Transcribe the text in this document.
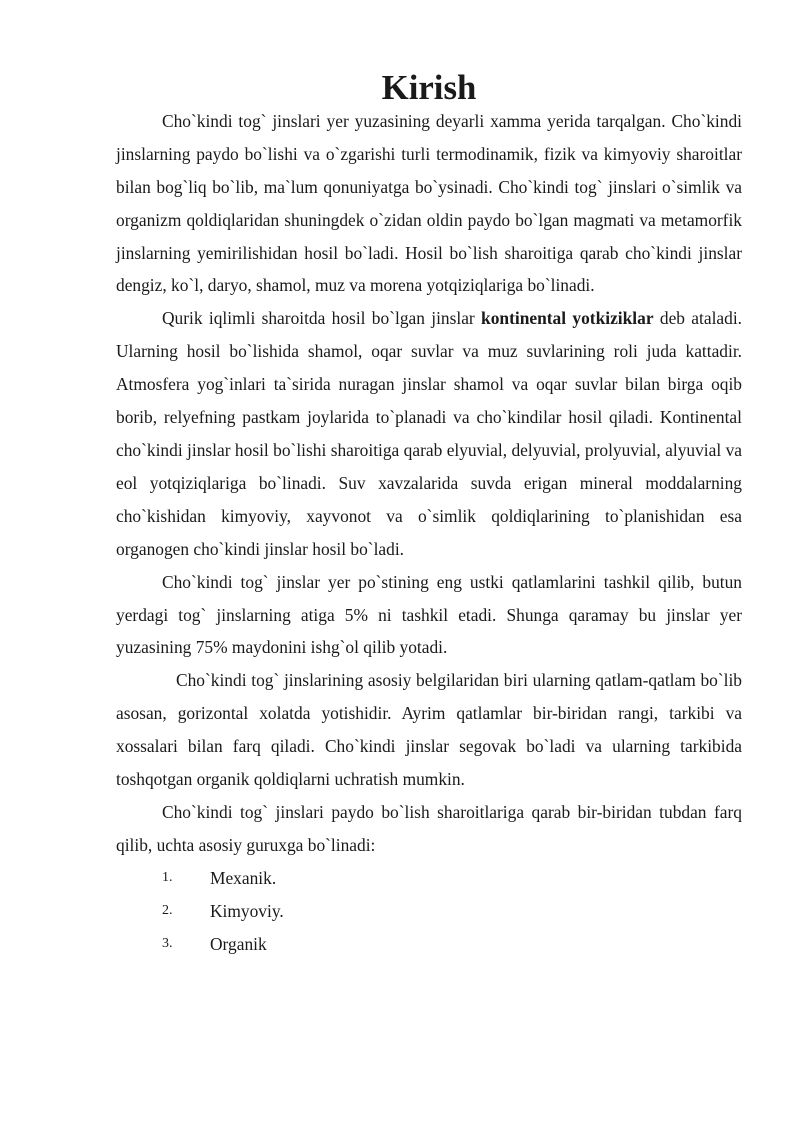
Kirish

Cho`kindi tog` jinslari yer yuzasining deyarli xamma yerida tarqalgan. Cho`kindi jinslarning paydo bo`lishi va o`zgarishi turli termodinamik, fizik va kimyoviy sharoitlar bilan bog`liq bo`lib, ma`lum qonuniyatga bo`ysinadi. Cho`kindi tog` jinslari o`simlik va organizm qoldiqlaridan shuningdek o`zidan oldin paydo bo`lgan magmati va metamorfik jinslarning yemirilishidan hosil bo`ladi. Hosil bo`lish sharoitiga qarab cho`kindi jinslar dengiz, ko`l, daryo, shamol, muz va morena yotqiziqlariga bo`linadi.

Qurik iqlimli sharoitda hosil bo`lgan jinslar kontinental yotkiziklar deb ataladi. Ularning hosil bo`lishida shamol, oqar suvlar va muz suvlarining roli juda kattadir. Atmosfera yog`inlari ta`sirida nuragan jinslar shamol va oqar suvlar bilan birga oqib borib, relyefning pastkam joylarida to`planadi va cho`kindilar hosil qiladi. Kontinental cho`kindi jinslar hosil bo`lishi sharoitiga qarab elyuvial, delyuvial, prolyuvial, alyuvial va eol yotqiziqlariga bo`linadi. Suv xavzalarida suvda erigan mineral moddalarning cho`kishidan kimyoviy, xayvonot va o`simlik qoldiqlarining to`planishidan esa organogen cho`kindi jinslar hosil bo`ladi.

Cho`kindi tog` jinslar yer po`stining eng ustki qatlamlarini tashkil qilib, butun yerdagi tog` jinslarning atiga 5% ni tashkil etadi. Shunga qaramay bu jinslar yer yuzasining 75% maydonini ishg`ol qilib yotadi.

Cho`kindi tog` jinslarining asosiy belgilaridan biri ularning qatlam-qatlam bo`lib asosan, gorizontal xolatda yotishidir. Ayrim qatlamlar bir-biridan rangi, tarkibi va xossalari bilan farq qiladi. Cho`kindi jinslar segovak bo`ladi va ularning tarkibida toshqotgan organik qoldiqlarni uchratish mumkin.

Cho`kindi tog` jinslari paydo bo`lish sharoitlariga qarab bir-biridan tubdan farq qilib, uchta asosiy guruxga bo`linadi:

1.	Mexanik.
2.	Kimyoviy.
3.	Organik
